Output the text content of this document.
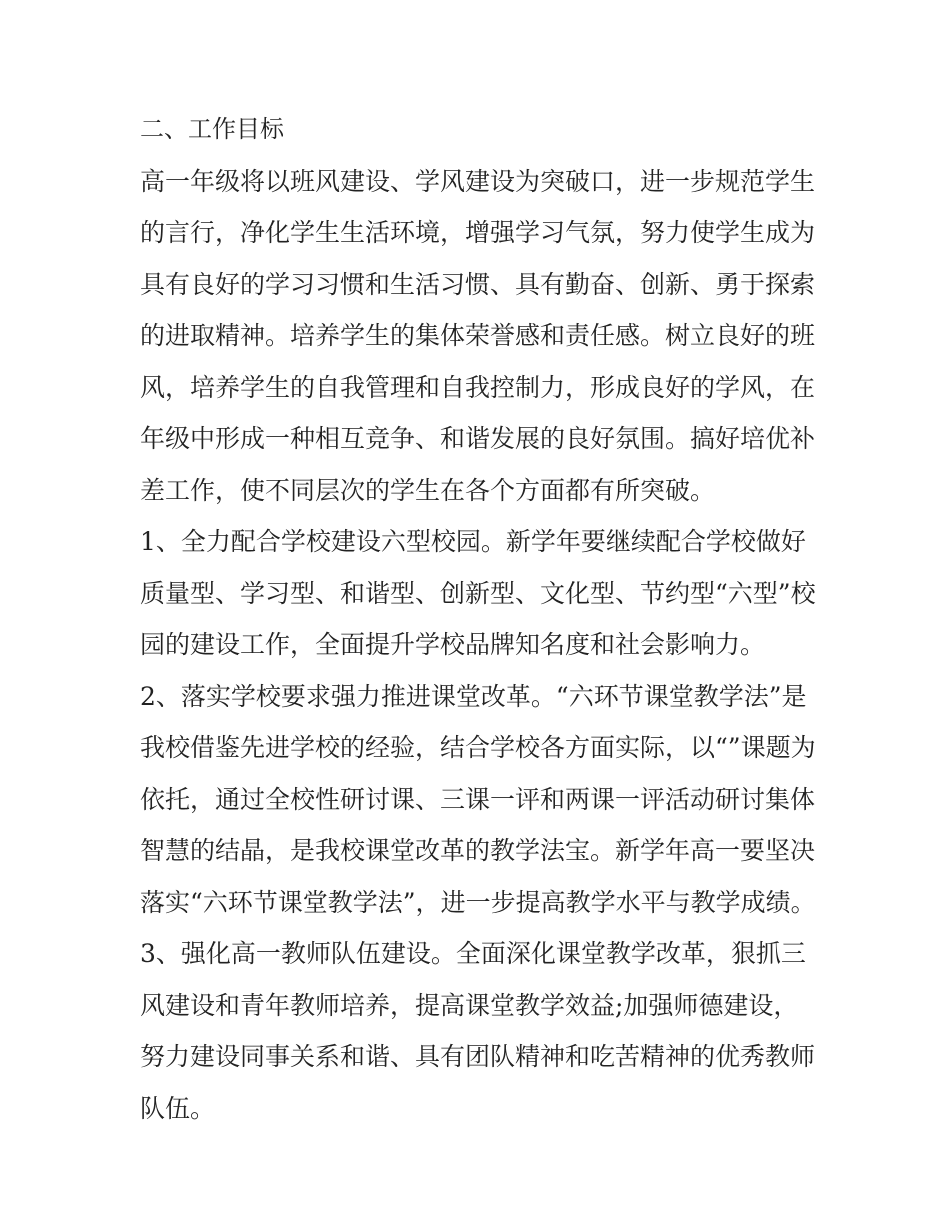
二、工作目标
高一年级将以班风建设、学风建设为突破口，进一步规范学生
的言行，净化学生生活环境，增强学习气氛，努力使学生成为
具有良好的学习习惯和生活习惯、具有勤奋、创新、勇于探索
的进取精神。培养学生的集体荣誉感和责任感。树立良好的班
风，培养学生的自我管理和自我控制力，形成良好的学风，在
年级中形成一种相互竞争、和谐发展的良好氛围。搞好培优补
差工作，使不同层次的学生在各个方面都有所突破。
1、全力配合学校建设六型校园。新学年要继续配合学校做好
质量型、学习型、和谐型、创新型、文化型、节约型“六型”校
园的建设工作，全面提升学校品牌知名度和社会影响力。
2、落实学校要求强力推进课堂改革。“六环节课堂教学法”是
我校借鉴先进学校的经验，结合学校各方面实际，以“”课题为
依托，通过全校性研讨课、三课一评和两课一评活动研讨集体
智慧的结晶，是我校课堂改革的教学法宝。新学年高一要坚决
落实“六环节课堂教学法”，进一步提高教学水平与教学成绩。
3、强化高一教师队伍建设。全面深化课堂教学改革，狠抓三
风建设和青年教师培养，提高课堂教学效益;加强师德建设，
努力建设同事关系和谐、具有团队精神和吃苦精神的优秀教师
队伍。
